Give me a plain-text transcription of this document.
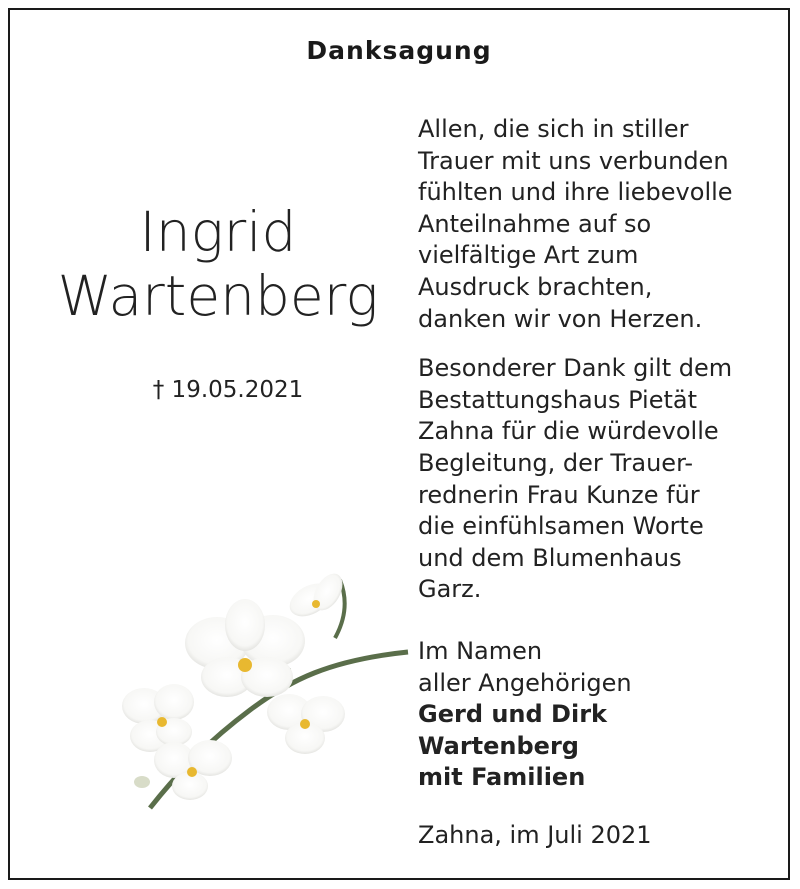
Danksagung
Ingrid
Wartenberg
† 19.05.2021

Allen, die sich in stiller
Trauer mit uns verbunden
fühlten und ihre liebevolle
Anteilnahme auf so
vielfältige Art zum
Ausdruck brachten,
danken wir von Herzen.

Besonderer Dank gilt dem
Bestattungshaus Pietät
Zahna für die würdevolle
Begleitung, der Trauer-
rednerin Frau Kunze für
die einfühlsamen Worte
und dem Blumenhaus
Garz.

Im Namen
aller Angehörigen

Gerd und Dirk
Wartenberg
mit Familien

Zahna, im Juli 2021
